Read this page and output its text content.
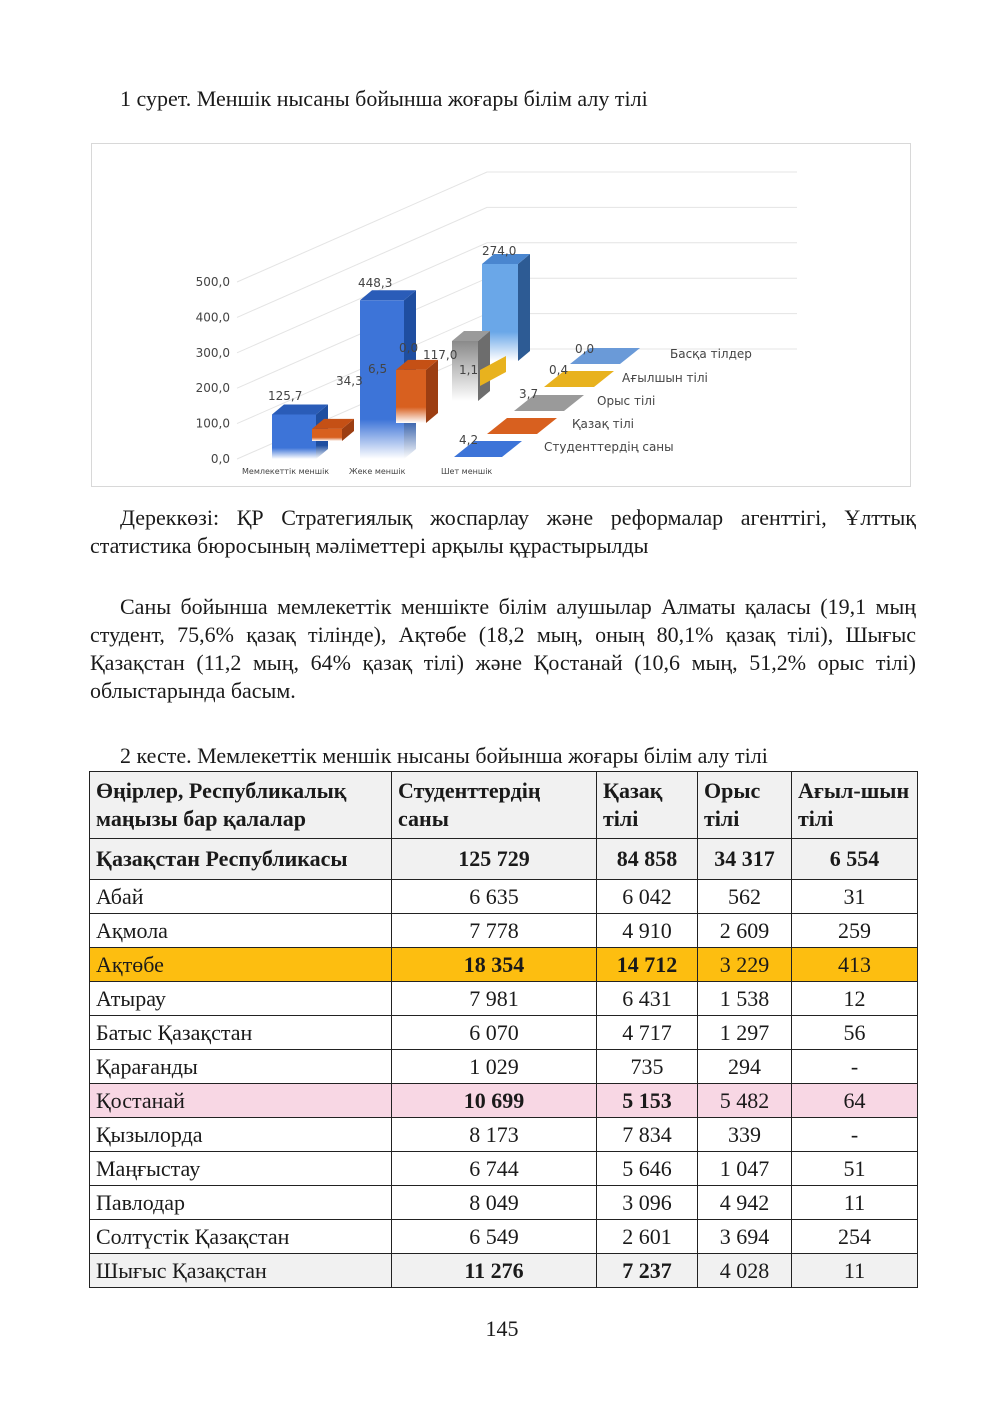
1 сурет. Меншік нысаны бойынша жоғары білім алу тілі
0,0
100,0
200,0
300,0
400,0
500,0
125,7
34,3
448,3
6,5
0,0 117,0
1,1
274,0
0,0
0,4
3,7
4,2
Мемлекеттік меншік Жеке меншік	Шет меншік
Студенттердің саны
Қазақ тілі
Орыс тілі
Ағылшын тілі
Басқа тілдер
Дереккөзі: ҚР Стратегиялық жоспарлау және реформалар агенттігі, Ұлттық статистика бюросының мәліметтері арқылы құрастырылды
Саны бойынша мемлекеттік меншікте білім алушылар Алматы қаласы (19,1 мың студент, 75,6% қазақ тілінде), Ақтөбе (18,2 мың, оның 80,1% қазақ тілі), Шығыс Қазақстан (11,2 мың, 64% қазақ тілі) және Қостанай (10,6 мың, 51,2% орыс тілі) облыстарында басым.
2 кесте. Мемлекеттік меншік нысаны бойынша жоғары білім алу тілі
Өңірлер, Республикалық маңызы бар қалалар	Студенттердің саны	Қазақ тілі	Орыс тілі	Ағыл-шын тілі
Қазақстан Республикасы	125 729	84 858	34 317	6 554
Абай	6 635	6 042	562	31
Ақмола	7 778	4 910	2 609	259
Ақтөбе	18 354	14 712	3 229	413
Атырау	7 981	6 431	1 538	12
Батыс Қазақстан	6 070	4 717	1 297	56
Қарағанды	1 029	735	294	-
Қостанай	10 699	5 153	5 482	64
Қызылорда	8 173	7 834	339	-
Маңғыстау	6 744	5 646	1 047	51
Павлодар	8 049	3 096	4 942	11
Солтүстік Қазақстан	6 549	2 601	3 694	254
Шығыс Қазақстан	11 276	7 237	4 028	11
145
